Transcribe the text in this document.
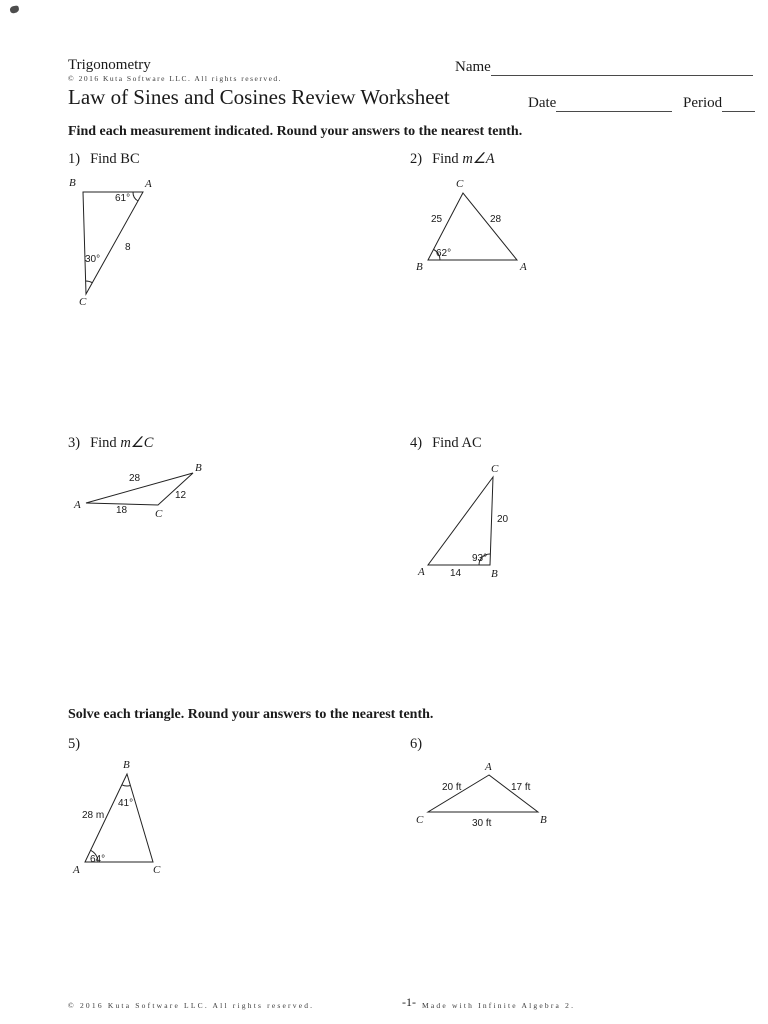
Trigonometry
© 2016 Kuta Software LLC. All rights reserved.
Law of Sines and Cosines Review Worksheet
Name
Date	Period
Find each measurement indicated. Round your answers to the nearest tenth.
1) Find BC	2) Find m∠A
B	A
C
61°
30°
8
C
B	A
25	28
62°
3) Find m∠C	4) Find AC
B
A
C
28
12
18
C
A	B
20
93°
14
Solve each triangle. Round your answers to the nearest tenth.
5)	6)
B
A	C
41°
28 m
64°
A
C	B
20 ft	17 ft
30 ft
© 2016 Kuta Software LLC. All rights reserved.	-1- Made with Infinite Algebra 2.
